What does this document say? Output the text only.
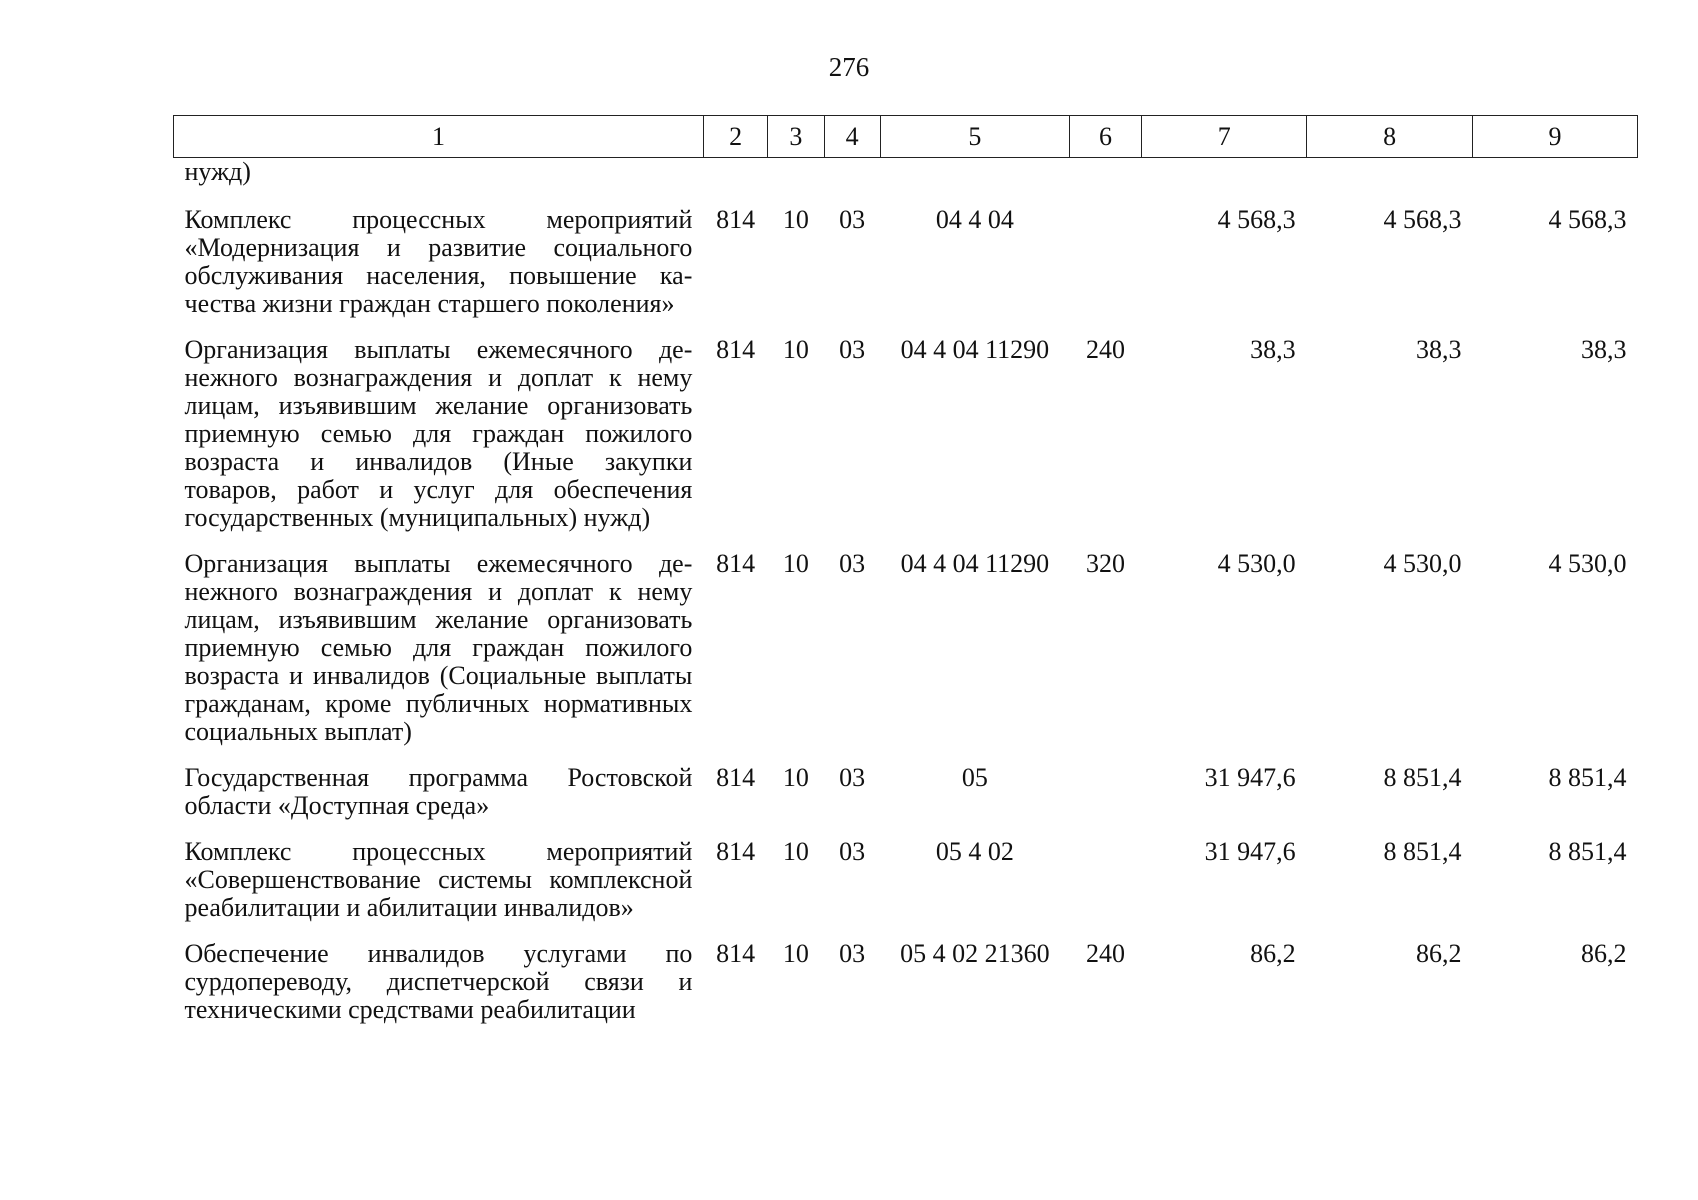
276
1	2	3	4	5	6	7	8	9
нужд)								
Комплекс процессных мероприятий «Модернизация и развитие социального обслуживания населения, повышение качества жизни граждан старшего поколения»	814	10	03	04 4 04		4 568,3	4 568,3	4 568,3
Организация выплаты ежемесячного денежного вознаграждения и доплат к нему лицам, изъявившим желание организовать приемную семью для граждан пожилого возраста и инвалидов (Иные закупки товаров, работ и услуг для обеспечения государственных (муниципальных) нужд)	814	10	03	04 4 04 11290	240	38,3	38,3	38,3
Организация выплаты ежемесячного денежного вознаграждения и доплат к нему лицам, изъявившим желание организовать приемную семью для граждан пожилого возраста и инвалидов (Социальные выплаты гражданам, кроме публичных нормативных социальных выплат)	814	10	03	04 4 04 11290	320	4 530,0	4 530,0	4 530,0
Государственная программа Ростовской области «Доступная среда»	814	10	03	05		31 947,6	8 851,4	8 851,4
Комплекс процессных мероприятий «Совершенствование системы комплексной реабилитации и абилитации инвалидов»	814	10	03	05 4 02		31 947,6	8 851,4	8 851,4
Обеспечение инвалидов услугами по сурдопереводу, диспетчерской связи и техническими средствами реабилитации	814	10	03	05 4 02 21360	240	86,2	86,2	86,2
